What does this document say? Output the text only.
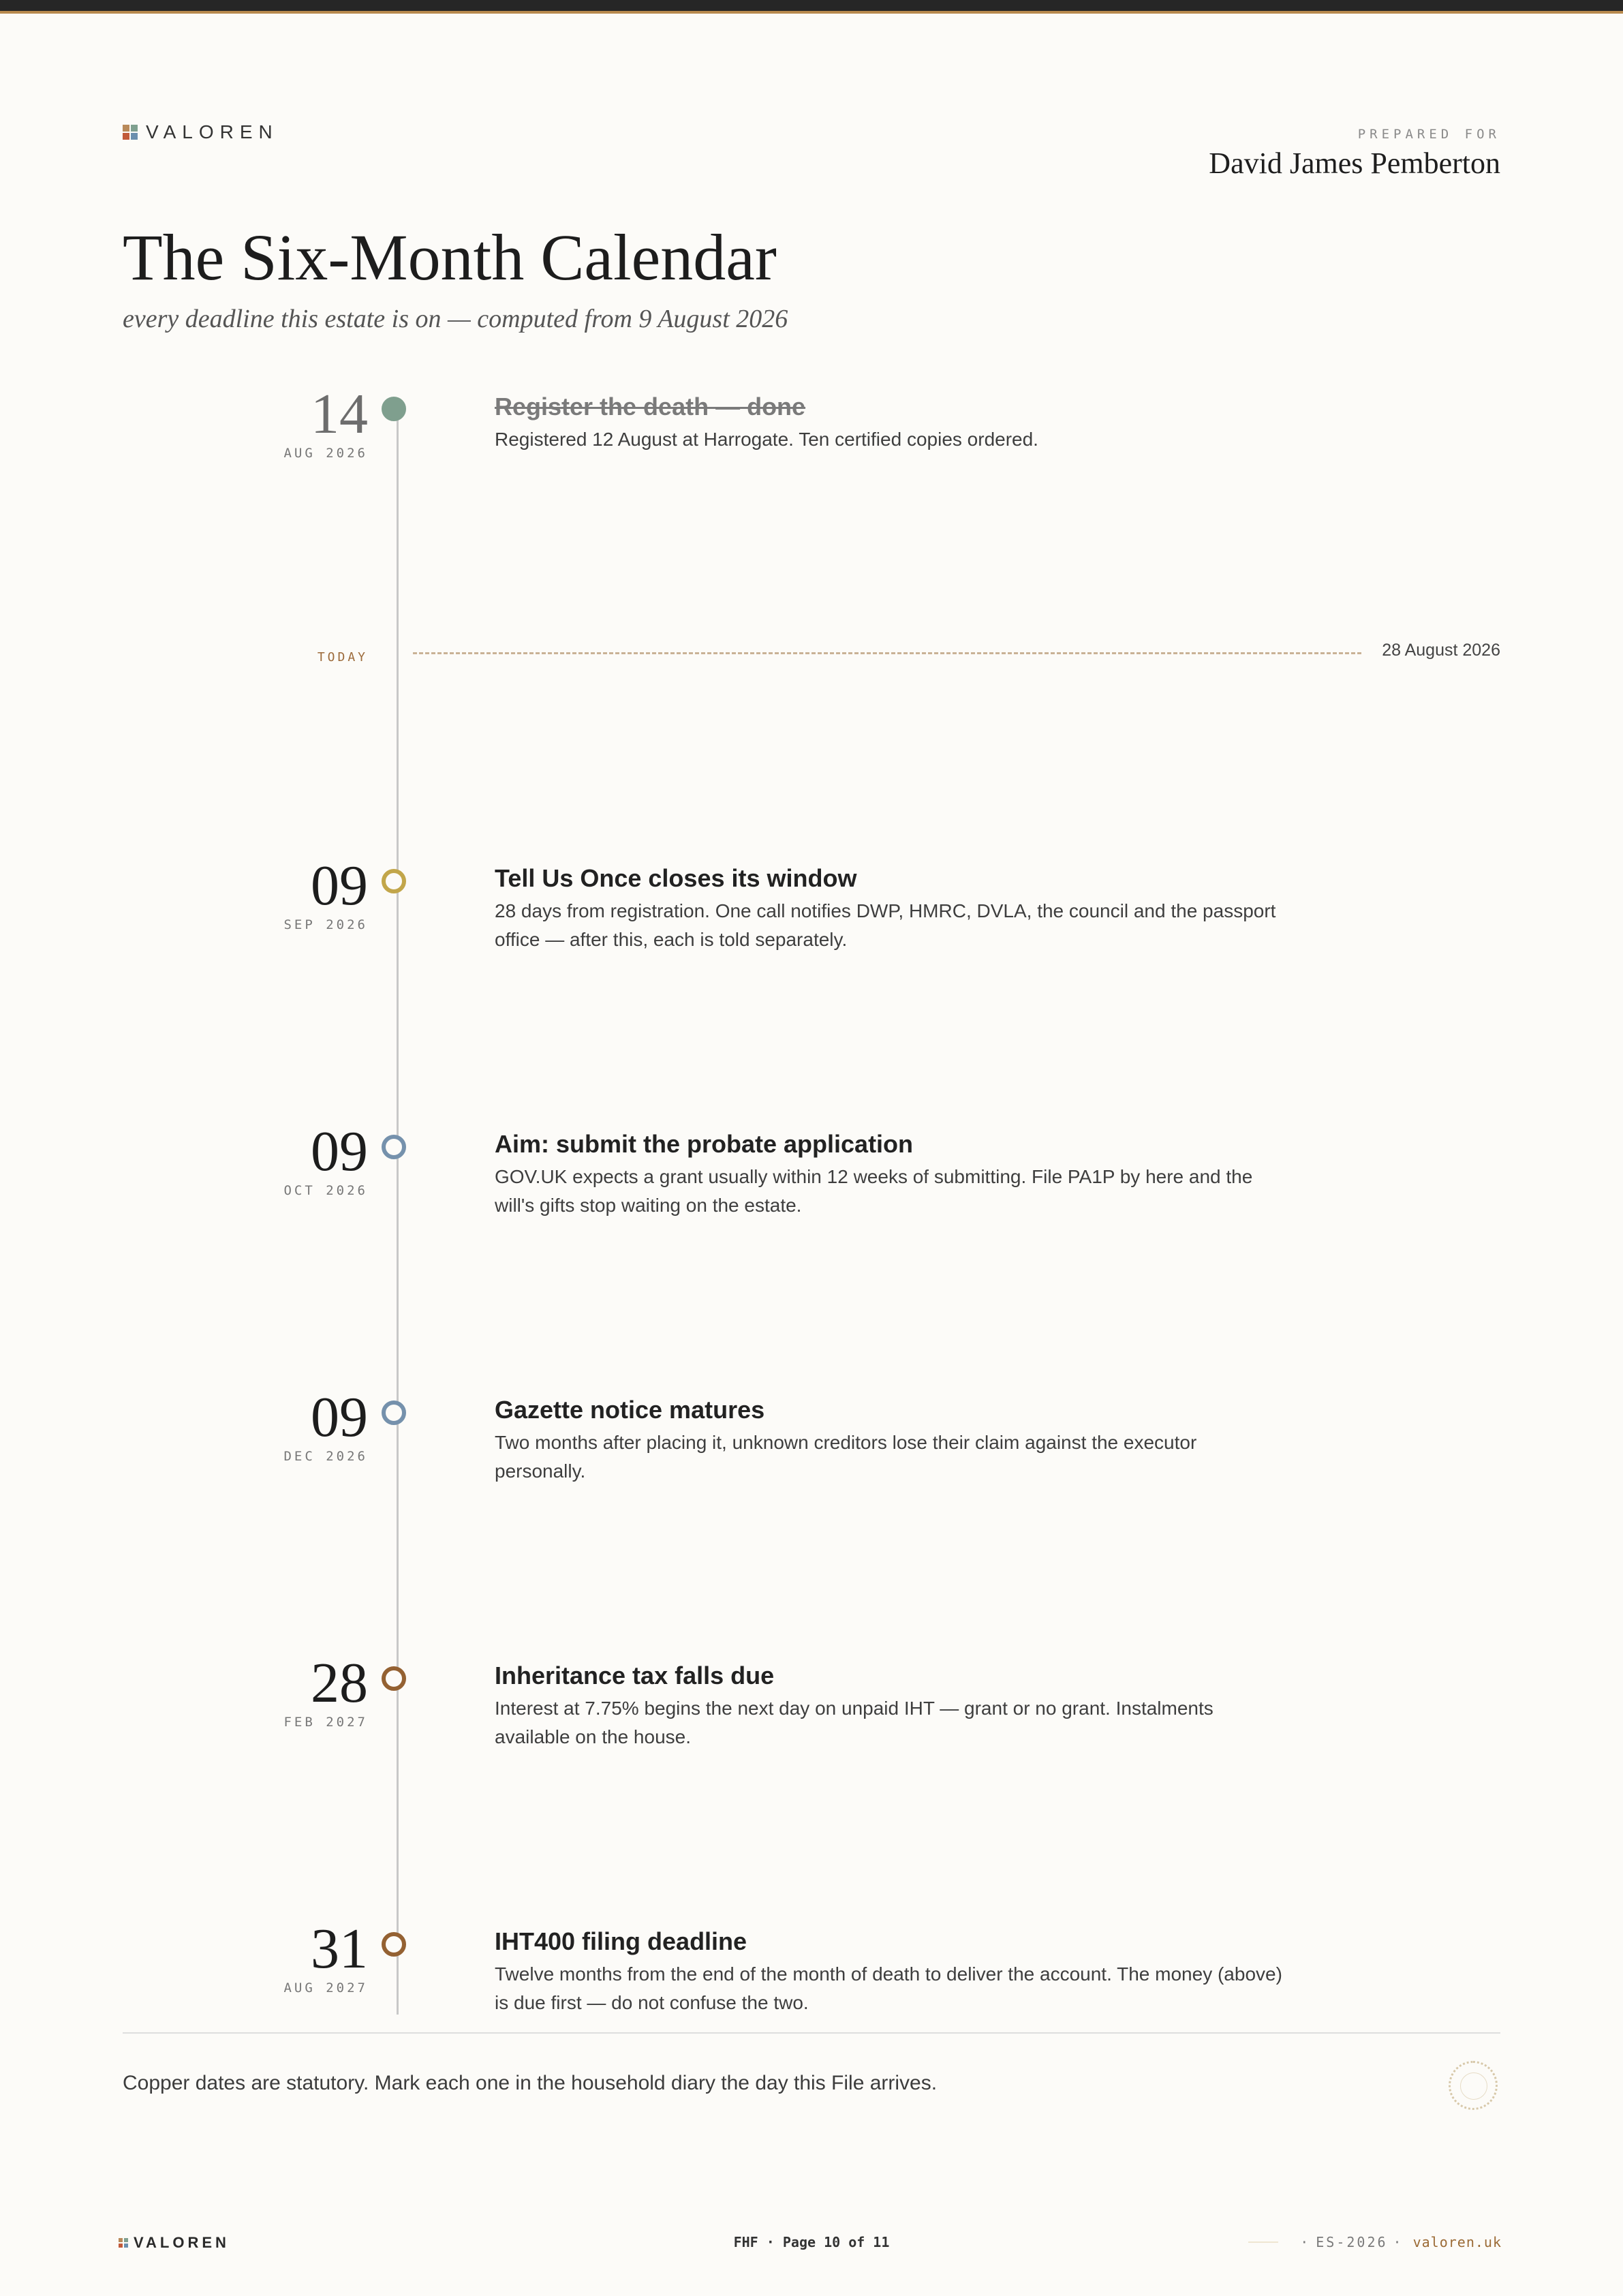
VALOREN	PREPARED FOR
David James Pemberton
The Six-Month Calendar
every deadline this estate is on — computed from 9 August 2026
14
AUG 2026
Register the death — done
Registered 12 August at Harrogate. Ten certified copies ordered.
TODAY	28 August 2026
09
SEP 2026
Tell Us Once closes its window
28 days from registration. One call notifies DWP, HMRC, DVLA, the council and the passport office — after this, each is told separately.
09
OCT 2026
Aim: submit the probate application
GOV.UK expects a grant usually within 12 weeks of submitting. File PA1P by here and the will's gifts stop waiting on the estate.
09
DEC 2026
Gazette notice matures
Two months after placing it, unknown creditors lose their claim against the executor personally.
28
FEB 2027
Inheritance tax falls due
Interest at 7.75% begins the next day on unpaid IHT — grant or no grant. Instalments available on the house.
31
AUG 2027
IHT400 filing deadline
Twelve months from the end of the month of death to deliver the account. The money (above) is due first — do not confuse the two.
Copper dates are statutory. Mark each one in the household diary the day this File arrives.
VALOREN	FHF · Page 10 of 11	· ES-2026 · valoren.uk
